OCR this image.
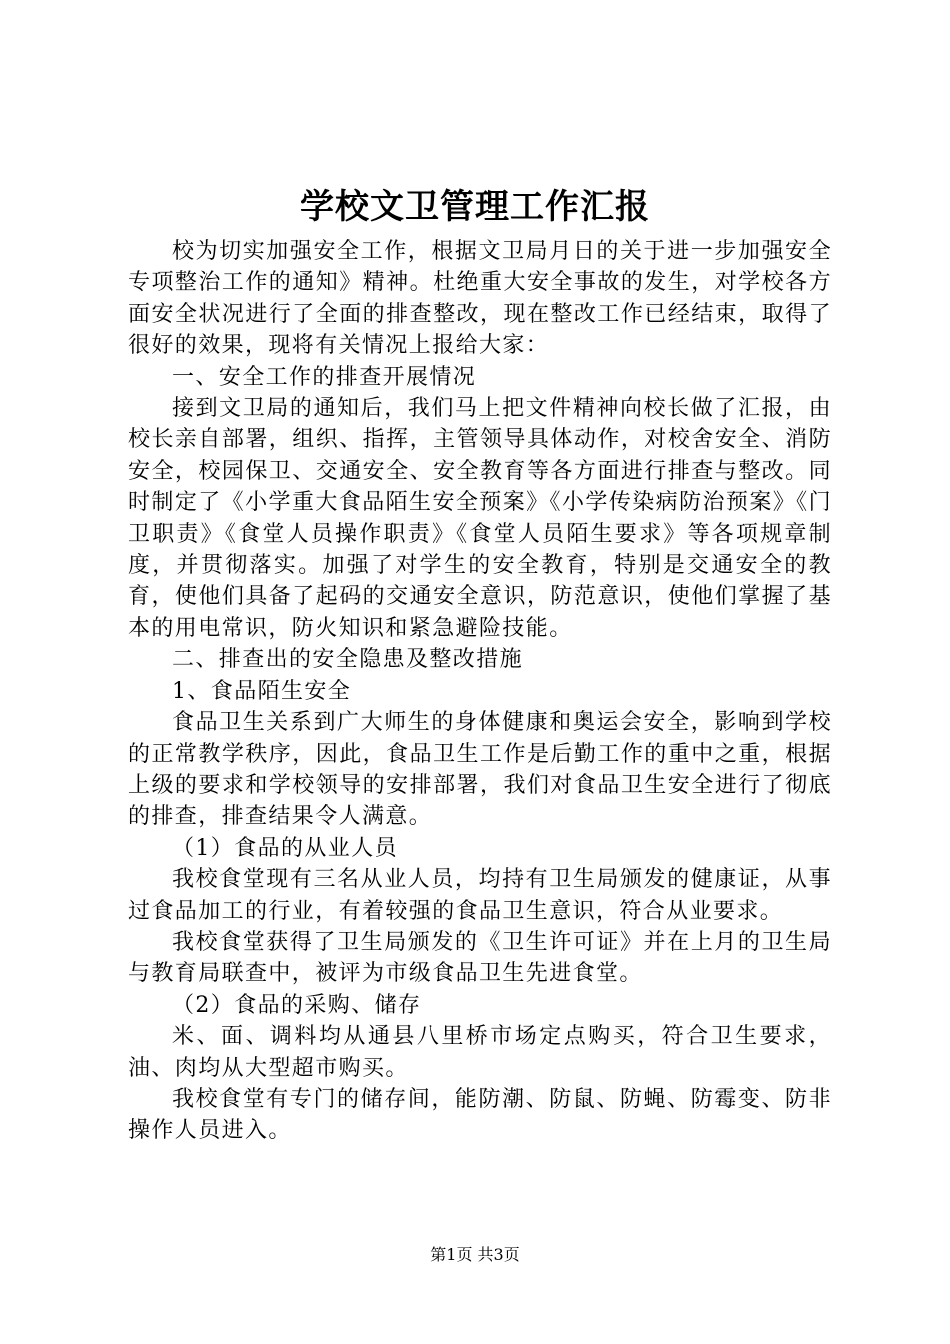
学校文卫管理工作汇报

校为切实加强安全工作，根据文卫局月日的关于进一步加强安全专项整治工作的通知》精神。杜绝重大安全事故的发生，对学校各方面安全状况进行了全面的排查整改，现在整改工作已经结束，取得了很好的效果，现将有关情况上报给大家：

一、安全工作的排查开展情况

接到文卫局的通知后，我们马上把文件精神向校长做了汇报，由校长亲自部署，组织、指挥，主管领导具体动作，对校舍安全、消防安全，校园保卫、交通安全、安全教育等各方面进行排查与整改。同时制定了《小学重大食品陌生安全预案》《小学传染病防治预案》《门卫职责》《食堂人员操作职责》《食堂人员陌生要求》等各项规章制度，并贯彻落实。加强了对学生的安全教育，特别是交通安全的教育，使他们具备了起码的交通安全意识，防范意识，使他们掌握了基本的用电常识，防火知识和紧急避险技能。

二、排查出的安全隐患及整改措施

1、食品陌生安全

食品卫生关系到广大师生的身体健康和奥运会安全，影响到学校的正常教学秩序，因此，食品卫生工作是后勤工作的重中之重，根据上级的要求和学校领导的安排部署，我们对食品卫生安全进行了彻底的排查，排查结果令人满意。

（1）食品的从业人员

我校食堂现有三名从业人员，均持有卫生局颁发的健康证，从事过食品加工的行业，有着较强的食品卫生意识，符合从业要求。

我校食堂获得了卫生局颁发的《卫生许可证》并在上月的卫生局与教育局联查中，被评为市级食品卫生先进食堂。

（2）食品的采购、储存

米、面、调料均从通县八里桥市场定点购买，符合卫生要求，油、肉均从大型超市购买。

我校食堂有专门的储存间，能防潮、防鼠、防蝇、防霉变、防非操作人员进入。

第1页 共3页
